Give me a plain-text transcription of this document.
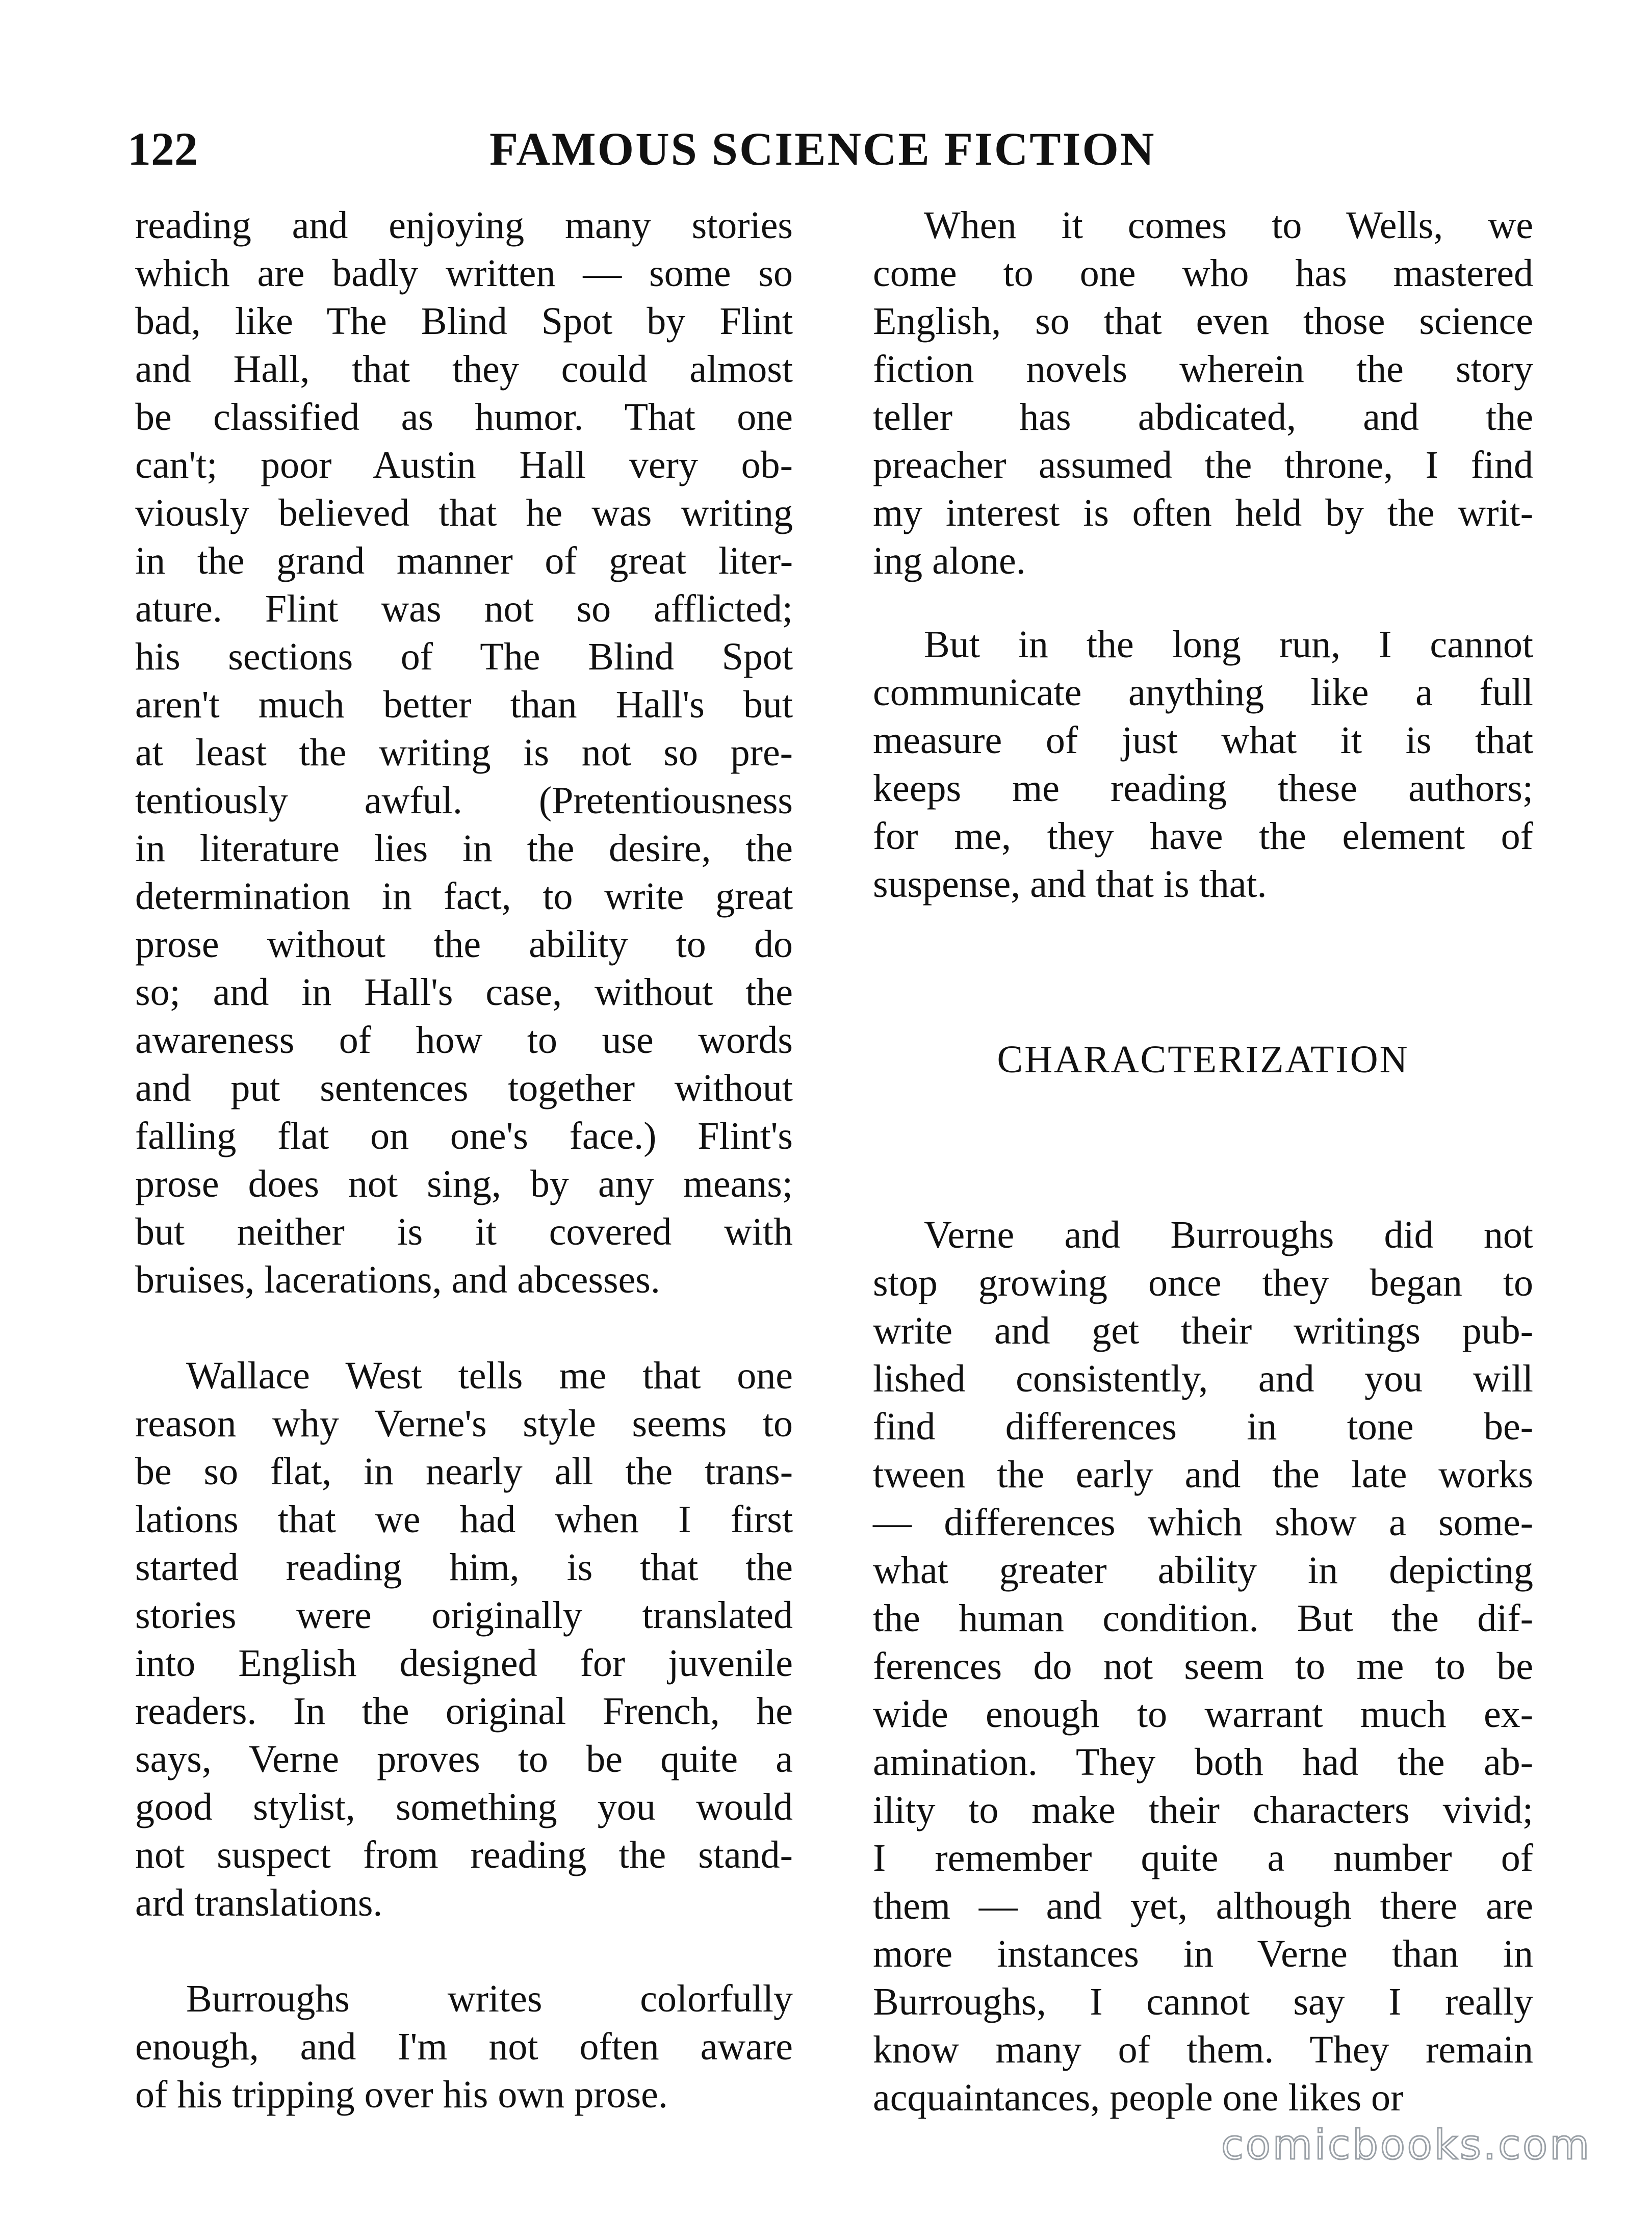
122	FAMOUS SCIENCE FICTION
reading and enjoying many stories
which are badly written — some so
bad, like The Blind Spot by Flint
and Hall, that they could almost
be classified as humor. That one
can't; poor Austin Hall very ob-
viously believed that he was writing
in the grand manner of great liter-
ature. Flint was not so afflicted;
his sections of The Blind Spot
aren't much better than Hall's but
at least the writing is not so pre-
tentiously awful. (Pretentiousness
in literature lies in the desire, the
determination in fact, to write great
prose without the ability to do
so; and in Hall's case, without the
awareness of how to use words
and put sentences together without
falling flat on one's face.) Flint's
prose does not sing, by any means;
but neither is it covered with
bruises, lacerations, and abcesses.
Wallace West tells me that one
reason why Verne's style seems to
be so flat, in nearly all the trans-
lations that we had when I first
started reading him, is that the
stories were originally translated
into English designed for juvenile
readers. In the original French, he
says, Verne proves to be quite a
good stylist, something you would
not suspect from reading the stand-
ard translations.
Burroughs writes colorfully
enough, and I'm not often aware
of his tripping over his own prose.
When it comes to Wells, we
come to one who has mastered
English, so that even those science
fiction novels wherein the story
teller has abdicated, and the
preacher assumed the throne, I find
my interest is often held by the writ-
ing alone.
But in the long run, I cannot
communicate anything like a full
measure of just what it is that
keeps me reading these authors;
for me, they have the element of
suspense, and that is that.

CHARACTERIZATION

Verne and Burroughs did not
stop growing once they began to
write and get their writings pub-
lished consistently, and you will
find differences in tone be-
tween the early and the late works
— differences which show a some-
what greater ability in depicting
the human condition. But the dif-
ferences do not seem to me to be
wide enough to warrant much ex-
amination. They both had the ab-
ility to make their characters vivid;
I remember quite a number of
them — and yet, although there are
more instances in Verne than in
Burroughs, I cannot say I really
know many of them. They remain
acquaintances, people one likes or
comicbooks.com
